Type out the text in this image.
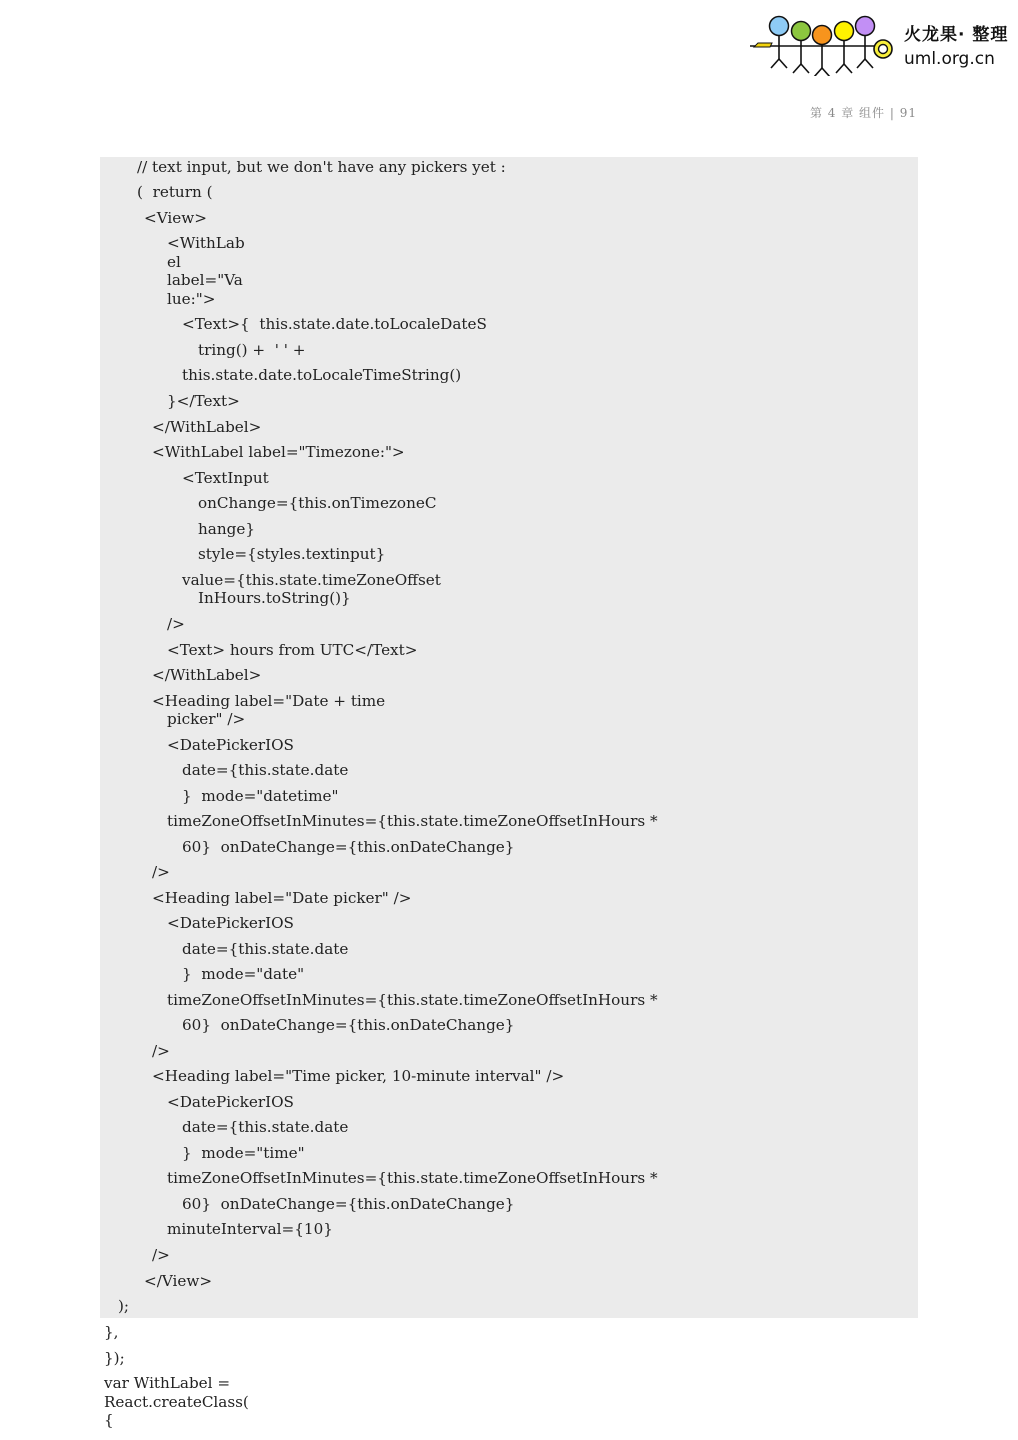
火龙果· 整理
uml.org.cn
第 4 章 组件 | 91
// text input, but we don't have any pickers yet :
(  return (
<View>
<WithLab
el
label="Va
lue:">
<Text>{  this.state.date.toLocaleDateS
tring() +  ' ' +
this.state.date.toLocaleTimeString()
}</Text>
</WithLabel>
<WithLabel label="Timezone:">
<TextInput
onChange={this.onTimezoneC
hange}
style={styles.textinput}
value={this.state.timeZoneOffset
InHours.toString()}
/>
<Text> hours from UTC</Text>
</WithLabel>
<Heading label="Date + time
picker" />
<DatePickerIOS
date={this.state.date
}  mode="datetime"
timeZoneOffsetInMinutes={this.state.timeZoneOffsetInHours *
60}  onDateChange={this.onDateChange}
/>
<Heading label="Date picker" />
<DatePickerIOS
date={this.state.date
}  mode="date"
timeZoneOffsetInMinutes={this.state.timeZoneOffsetInHours *
60}  onDateChange={this.onDateChange}
/>
<Heading label="Time picker, 10-minute interval" />
<DatePickerIOS
date={this.state.date
}  mode="time"
timeZoneOffsetInMinutes={this.state.timeZoneOffsetInHours *
60}  onDateChange={this.onDateChange}
minuteInterval={10}
/>
</View>
);
},
});
var WithLabel =
React.createClass(
{
